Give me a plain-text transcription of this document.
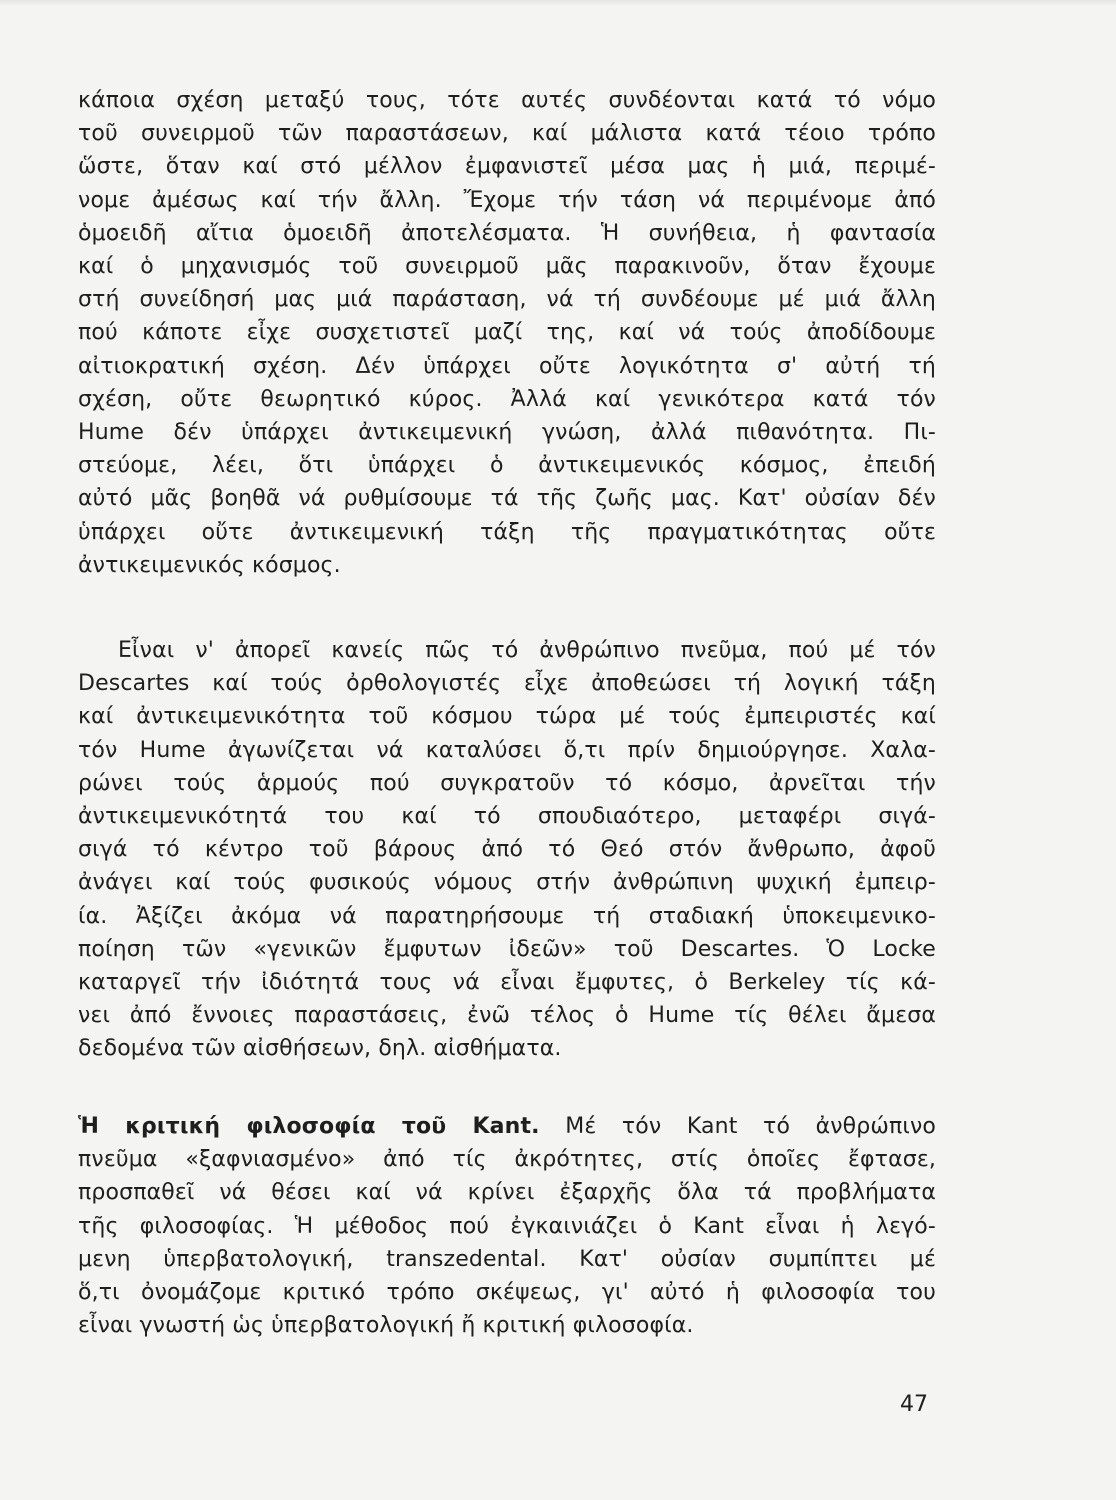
κάποια σχέση μεταξύ τους, τότε αυτές συνδέονται κατά τό νόμο
τοῦ συνειρμοῦ τῶν παραστάσεων, καί μάλιστα κατά τέοιο τρόπο
ὥστε, ὅταν καί στό μέλλον ἐμφανιστεῖ μέσα μας ἡ μιά, περιμέ-
νομε ἀμέσως καί τήν ἄλλη. Ἔχομε τήν τάση νά περιμένομε ἀπό
ὁμοειδῆ αἴτια ὁμοειδῆ ἀποτελέσματα. Ἡ συνήθεια, ἡ φαντασία
καί ὁ μηχανισμός τοῦ συνειρμοῦ μᾶς παρακινοῦν, ὅταν ἔχουμε
στή συνείδησή μας μιά παράσταση, νά τή συνδέουμε μέ μιά ἄλλη
πού κάποτε εἶχε συσχετιστεῖ μαζί της, καί νά τούς ἀποδίδουμε
αἰτιοκρατική σχέση. Δέν ὑπάρχει οὔτε λογικότητα σ' αὐτή τή
σχέση, οὔτε θεωρητικό κύρος. Ἀλλά καί γενικότερα κατά τόν
Hume δέν ὑπάρχει ἀντικειμενική γνώση, ἀλλά πιθανότητα. Πι-
στεύομε, λέει, ὅτι ὑπάρχει ὁ ἀντικειμενικός κόσμος, ἐπειδή
αὐτό μᾶς βοηθᾶ νά ρυθμίσουμε τά τῆς ζωῆς μας. Κατ' οὐσίαν δέν
ὑπάρχει οὔτε ἀντικειμενική τάξη τῆς πραγματικότητας οὔτε
ἀντικειμενικός κόσμος.
Εἶναι ν' ἀπορεῖ κανείς πῶς τό ἀνθρώπινο πνεῦμα, πού μέ τόν
Descartes καί τούς ὀρθολογιστές εἶχε ἀποθεώσει τή λογική τάξη
καί ἀντικειμενικότητα τοῦ κόσμου τώρα μέ τούς ἐμπειριστές καί
τόν Hume ἀγωνίζεται νά καταλύσει ὅ,τι πρίν δημιούργησε. Χαλα-
ρώνει τούς ἁρμούς πού συγκρατοῦν τό κόσμο, ἀρνεῖται τήν
ἀντικειμενικότητά του καί τό σπουδιαότερο, μεταφέρι σιγά-
σιγά τό κέντρο τοῦ βάρους ἀπό τό Θεό στόν ἄνθρωπο, ἀφοῦ
ἀνάγει καί τούς φυσικούς νόμους στήν ἀνθρώπινη ψυχική ἐμπειρ-
ία. Ἀξίζει ἀκόμα νά παρατηρήσουμε τή σταδιακή ὑποκειμενικο-
ποίηση τῶν «γενικῶν ἔμφυτων ἰδεῶν» τοῦ Descartes. Ὁ Locke
καταργεῖ τήν ἰδιότητά τους νά εἶναι ἔμφυτες, ὁ Berkeley τίς κά-
νει ἀπό ἔννοιες παραστάσεις, ἐνῶ τέλος ὁ Hume τίς θέλει ἄμεσα
δεδομένα τῶν αἰσθήσεων, δηλ. αἰσθήματα.
Ἡ κριτική φιλοσοφία τοῦ Kant. Μέ τόν Kant τό ἀνθρώπινο
πνεῦμα «ξαφνιασμένο» ἀπό τίς ἀκρότητες, στίς ὁποῖες ἔφτασε,
προσπαθεῖ νά θέσει καί νά κρίνει ἐξαρχῆς ὅλα τά προβλήματα
τῆς φιλοσοφίας. Ἡ μέθοδος πού ἐγκαινιάζει ὁ Kant εἶναι ἡ λεγό-
μενη ὑπερβατολογική, transzedental. Κατ' οὐσίαν συμπίπτει μέ
ὅ,τι ὀνομάζομε κριτικό τρόπο σκέψεως, γι' αὐτό ἡ φιλοσοφία του
εἶναι γνωστή ὡς ὑπερβατολογική ἤ κριτική φιλοσοφία.
47
